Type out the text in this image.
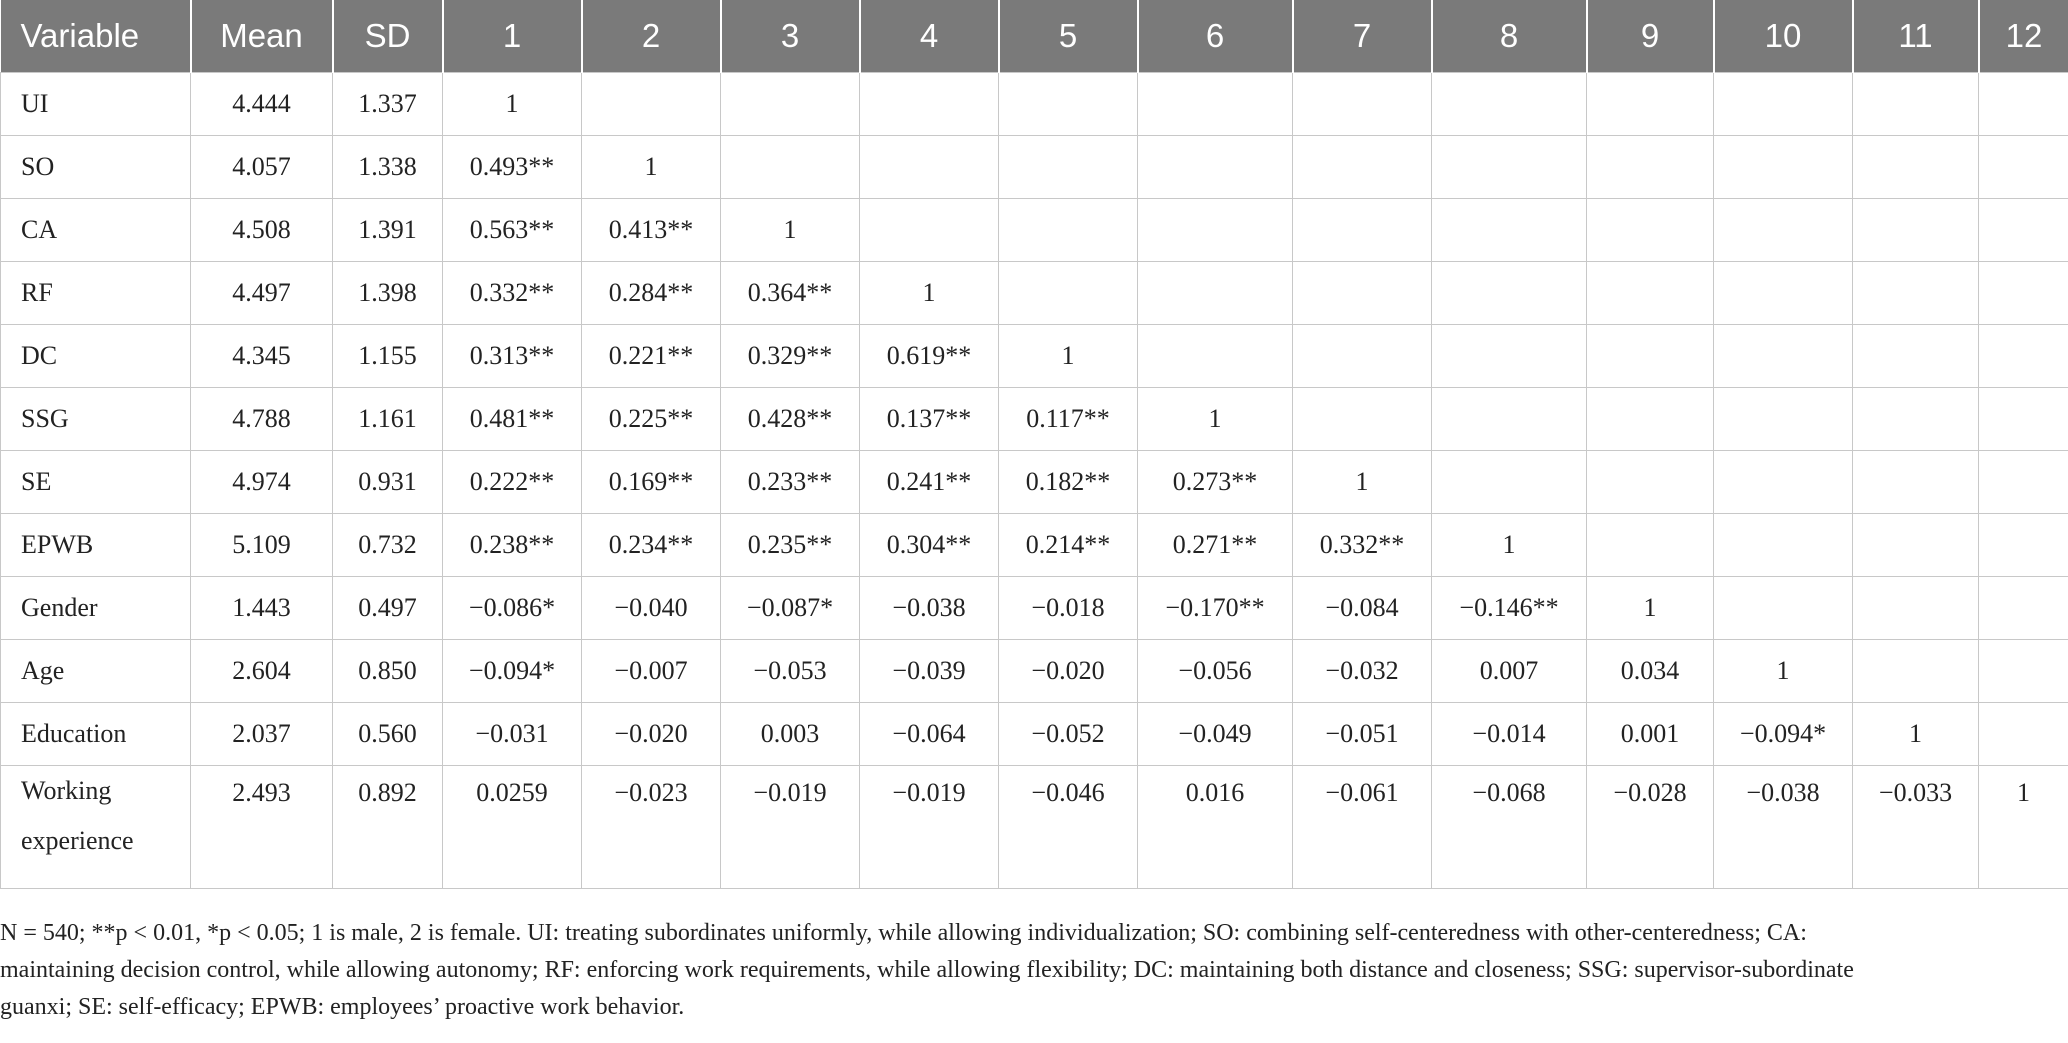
Variable	Mean	SD	1	2	3	4	5	6	7	8	9	10	11	12
UI	4.444	1.337	1											
SO	4.057	1.338	0.493**	1										
CA	4.508	1.391	0.563**	0.413**	1									
RF	4.497	1.398	0.332**	0.284**	0.364**	1								
DC	4.345	1.155	0.313**	0.221**	0.329**	0.619**	1							
SSG	4.788	1.161	0.481**	0.225**	0.428**	0.137**	0.117**	1						
SE	4.974	0.931	0.222**	0.169**	0.233**	0.241**	0.182**	0.273**	1					
EPWB	5.109	0.732	0.238**	0.234**	0.235**	0.304**	0.214**	0.271**	0.332**	1				
Gender	1.443	0.497	−0.086*	−0.040	−0.087*	−0.038	−0.018	−0.170**	−0.084	−0.146**	1			
Age	2.604	0.850	−0.094*	−0.007	−0.053	−0.039	−0.020	−0.056	−0.032	0.007	0.034	1		
Education	2.037	0.560	−0.031	−0.020	0.003	−0.064	−0.052	−0.049	−0.051	−0.014	0.001	−0.094*	1	
Working experience	2.493	0.892	0.0259	−0.023	−0.019	−0.019	−0.046	0.016	−0.061	−0.068	−0.028	−0.038	−0.033	1
N = 540; **p < 0.01, *p < 0.05; 1 is male, 2 is female. UI: treating subordinates uniformly, while allowing individualization; SO: combining self-centeredness with other-centeredness; CA:
maintaining decision control, while allowing autonomy; RF: enforcing work requirements, while allowing flexibility; DC: maintaining both distance and closeness; SSG: supervisor-subordinate
guanxi; SE: self-efficacy; EPWB: employees’ proactive work behavior.
